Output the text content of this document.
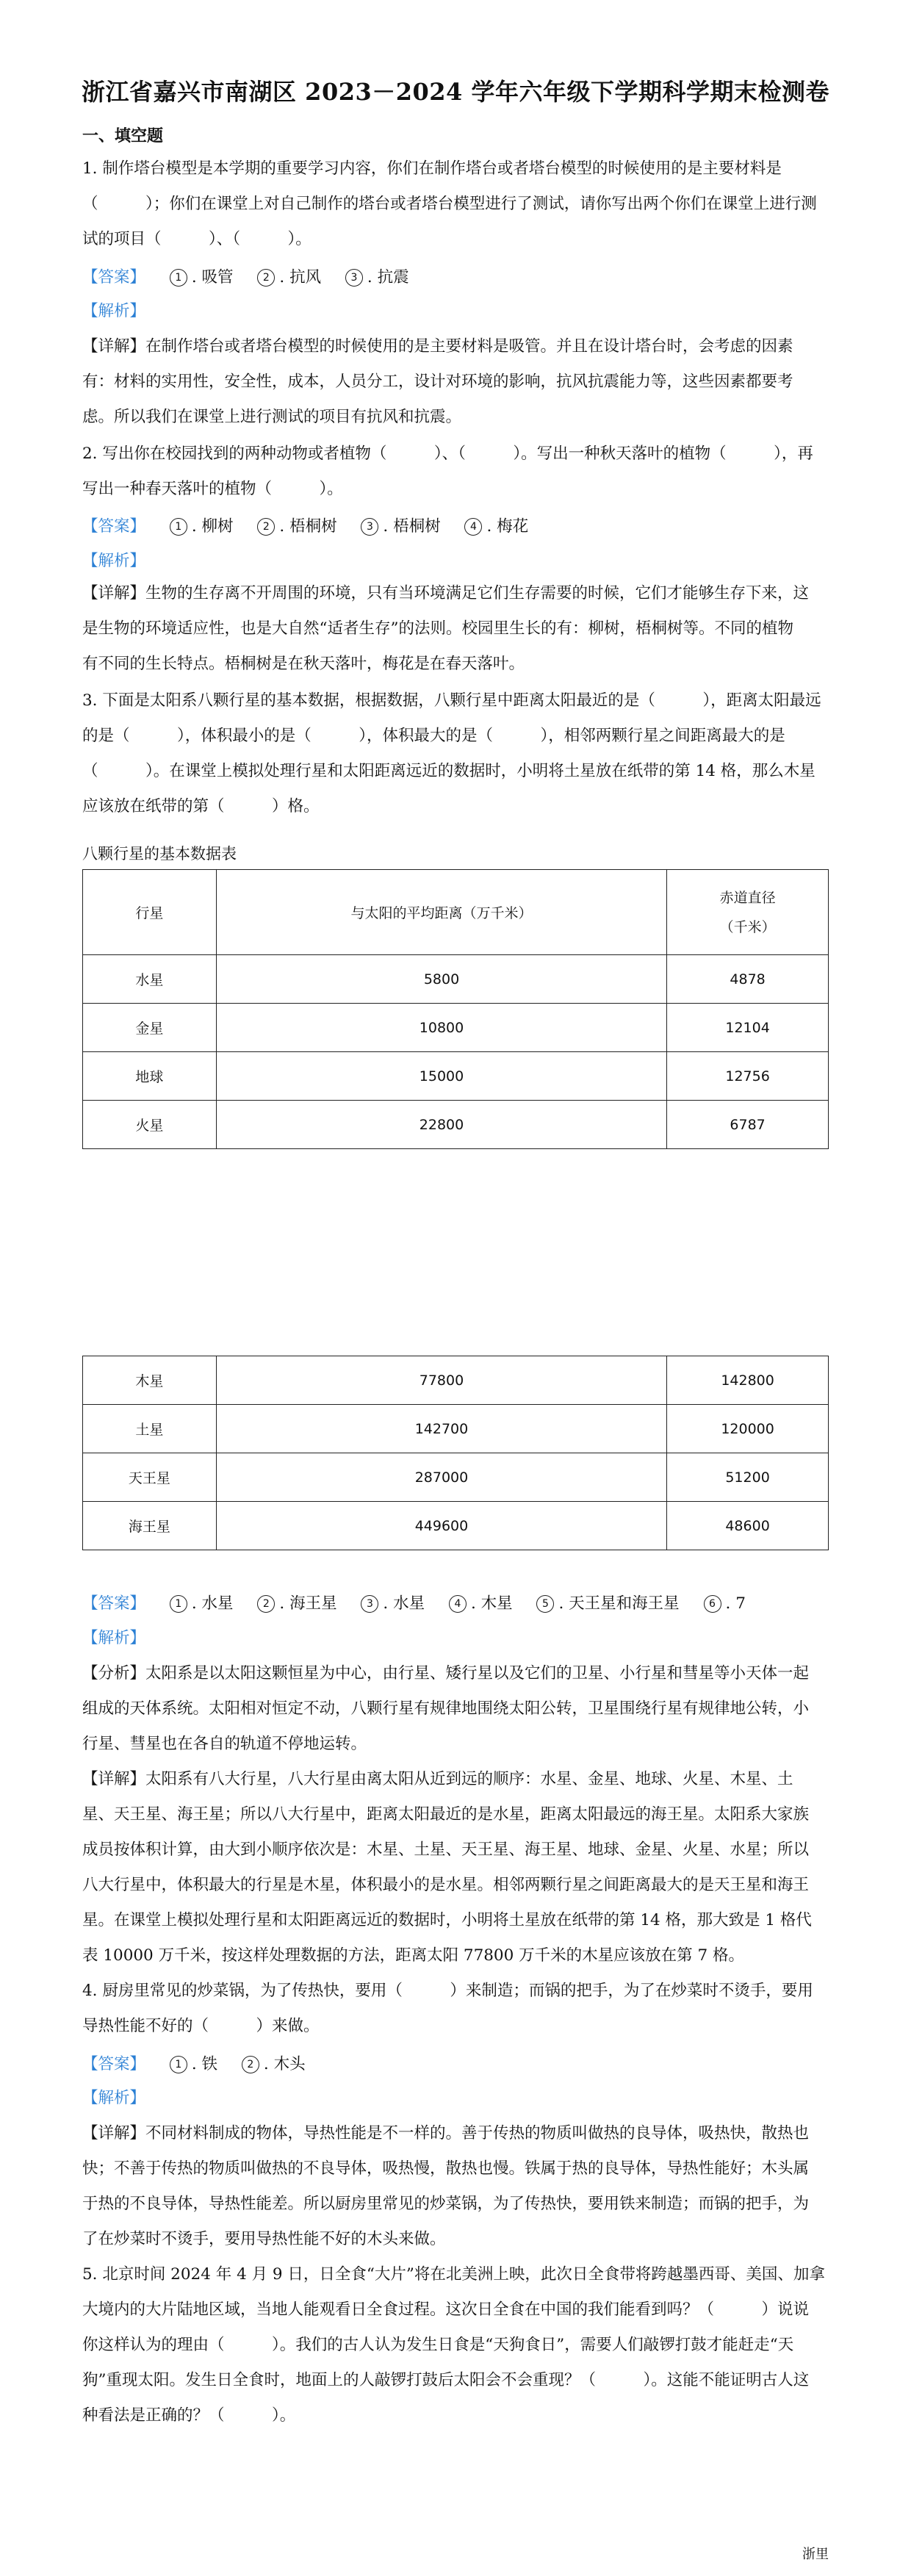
浙江省嘉兴市南湖区 2023－2024 学年六年级下学期科学期末检测卷
一、填空题
1. 制作塔台模型是本学期的重要学习内容，你们在制作塔台或者塔台模型的时候使用的是主要材料是
（　　　）；你们在课堂上对自己制作的塔台或者塔台模型进行了测试，请你写出两个你们在课堂上进行测
试的项目（　　　）、（　　　）。
【答案】	1 . 吸管	2 . 抗风	3 . 抗震
【解析】
【详解】在制作塔台或者塔台模型的时候使用的是主要材料是吸管。并且在设计塔台时，会考虑的因素
有：材料的实用性，安全性，成本，人员分工，设计对环境的影响，抗风抗震能力等，这些因素都要考
虑。所以我们在课堂上进行测试的项目有抗风和抗震。
2. 写出你在校园找到的两种动物或者植物（　　　）、（　　　）。写出一种秋天落叶的植物（　　　），再
写出一种春天落叶的植物（　　　）。
【答案】	1 . 柳树	2 . 梧桐树	3 . 梧桐树	4 . 梅花
【解析】
【详解】生物的生存离不开周围的环境，只有当环境满足它们生存需要的时候，它们才能够生存下来，这
是生物的环境适应性，也是大自然“适者生存”的法则。校园里生长的有：柳树，梧桐树等。不同的植物
有不同的生长特点。梧桐树是在秋天落叶，梅花是在春天落叶。
3. 下面是太阳系八颗行星的基本数据，根据数据，八颗行星中距离太阳最近的是（　　　），距离太阳最远
的是（　　　），体积最小的是（　　　），体积最大的是（　　　），相邻两颗行星之间距离最大的是
（　　　）。在课堂上模拟处理行星和太阳距离远近的数据时，小明将土星放在纸带的第 14 格，那么木星
应该放在纸带的第（　　　）格。
八颗行星的基本数据表
行星	与太阳的平均距离（万千米）	赤道直径
（千米）

水星	5800	4878
金星	10800	12104
地球	15000	12756
火星	22800	6787
木星	77800	142800
土星	142700	120000
天王星	287000	51200
海王星	449600	48600
【答案】	1 . 水星	2 . 海王星	3 . 水星	4 . 木星	5 . 天王星和海王星	6 . 7
【解析】
【分析】太阳系是以太阳这颗恒星为中心，由行星、矮行星以及它们的卫星、小行星和彗星等小天体一起
组成的天体系统。太阳相对恒定不动，八颗行星有规律地围绕太阳公转，卫星围绕行星有规律地公转，小
行星、彗星也在各自的轨道不停地运转。
【详解】太阳系有八大行星，八大行星由离太阳从近到远的顺序：水星、金星、地球、火星、木星、土
星、天王星、海王星；所以八大行星中，距离太阳最近的是水星，距离太阳最远的海王星。太阳系大家族
成员按体积计算，由大到小顺序依次是：木星、土星、天王星、海王星、地球、金星、火星、水星；所以
八大行星中，体积最大的行星是木星，体积最小的是水星。相邻两颗行星之间距离最大的是天王星和海王
星。在课堂上模拟处理行星和太阳距离远近的数据时，小明将土星放在纸带的第 14 格，那大致是 1 格代
表 10000 万千米，按这样处理数据的方法，距离太阳 77800 万千米的木星应该放在第 7 格。
4. 厨房里常见的炒菜锅，为了传热快，要用（　　　）来制造；而锅的把手，为了在炒菜时不烫手，要用
导热性能不好的（　　　）来做。
【答案】	1 . 铁	2 . 木头
【解析】
【详解】不同材料制成的物体，导热性能是不一样的。善于传热的物质叫做热的良导体，吸热快，散热也
快；不善于传热的物质叫做热的不良导体，吸热慢，散热也慢。铁属于热的良导体，导热性能好；木头属
于热的不良导体，导热性能差。所以厨房里常见的炒菜锅，为了传热快，要用铁来制造；而锅的把手，为
了在炒菜时不烫手，要用导热性能不好的木头来做。
5. 北京时间 2024 年 4 月 9 日，日全食“大片”将在北美洲上映，此次日全食带将跨越墨西哥、美国、加拿
大境内的大片陆地区域，当地人能观看日全食过程。这次日全食在中国的我们能看到吗？（　　　）说说
你这样认为的理由（　　　）。我们的古人认为发生日食是“天狗食日”，需要人们敲锣打鼓才能赶走“天
狗”重现太阳。发生日全食时，地面上的人敲锣打鼓后太阳会不会重现？（　　　）。这能不能证明古人这
种看法是正确的？（　　　）。
浙里
